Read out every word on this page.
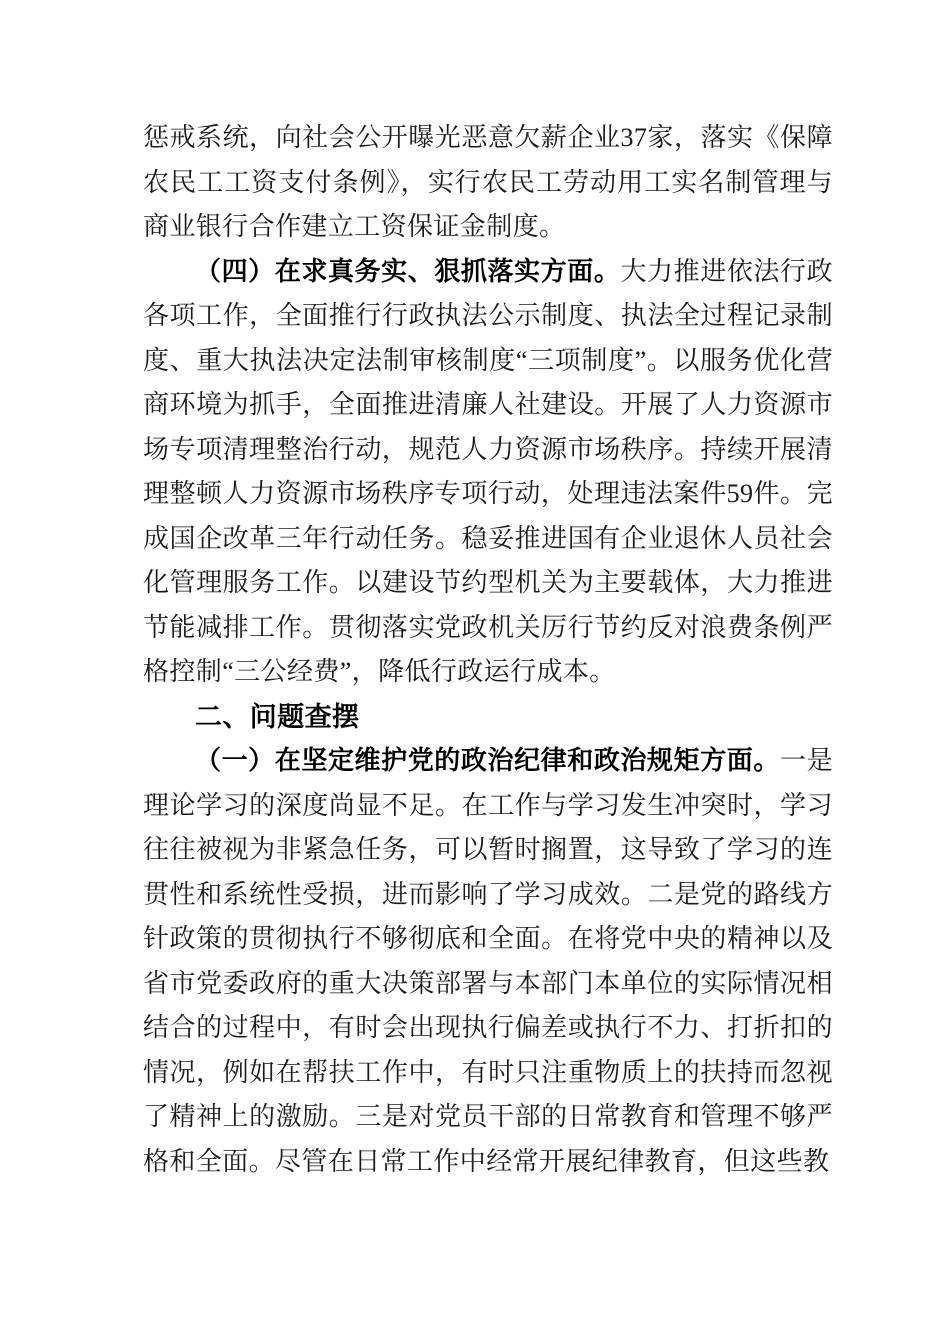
惩戒系统，向社会公开曝光恶意欠薪企业37家，落实《保障农民工工资支付条例》，实行农民工劳动用工实名制管理与商业银行合作建立工资保证金制度。

（四）在求真务实、狠抓落实方面。大力推进依法行政各项工作，全面推行行政执法公示制度、执法全过程记录制度、重大执法决定法制审核制度“三项制度”。以服务优化营商环境为抓手，全面推进清廉人社建设。开展了人力资源市场专项清理整治行动，规范人力资源市场秩序。持续开展清理整顿人力资源市场秩序专项行动，处理违法案件59件。完成国企改革三年行动任务。稳妥推进国有企业退休人员社会化管理服务工作。以建设节约型机关为主要载体，大力推进节能减排工作。贯彻落实党政机关厉行节约反对浪费条例严格控制“三公经费”，降低行政运行成本。

二、问题查摆

（一）在坚定维护党的政治纪律和政治规矩方面。一是理论学习的深度尚显不足。在工作与学习发生冲突时，学习往往被视为非紧急任务，可以暂时搁置，这导致了学习的连贯性和系统性受损，进而影响了学习成效。二是党的路线方针政策的贯彻执行不够彻底和全面。在将党中央的精神以及省市党委政府的重大决策部署与本部门本单位的实际情况相结合的过程中，有时会出现执行偏差或执行不力、打折扣的情况，例如在帮扶工作中，有时只注重物质上的扶持而忽视了精神上的激励。三是对党员干部的日常教育和管理不够严格和全面。尽管在日常工作中经常开展纪律教育，但这些教
